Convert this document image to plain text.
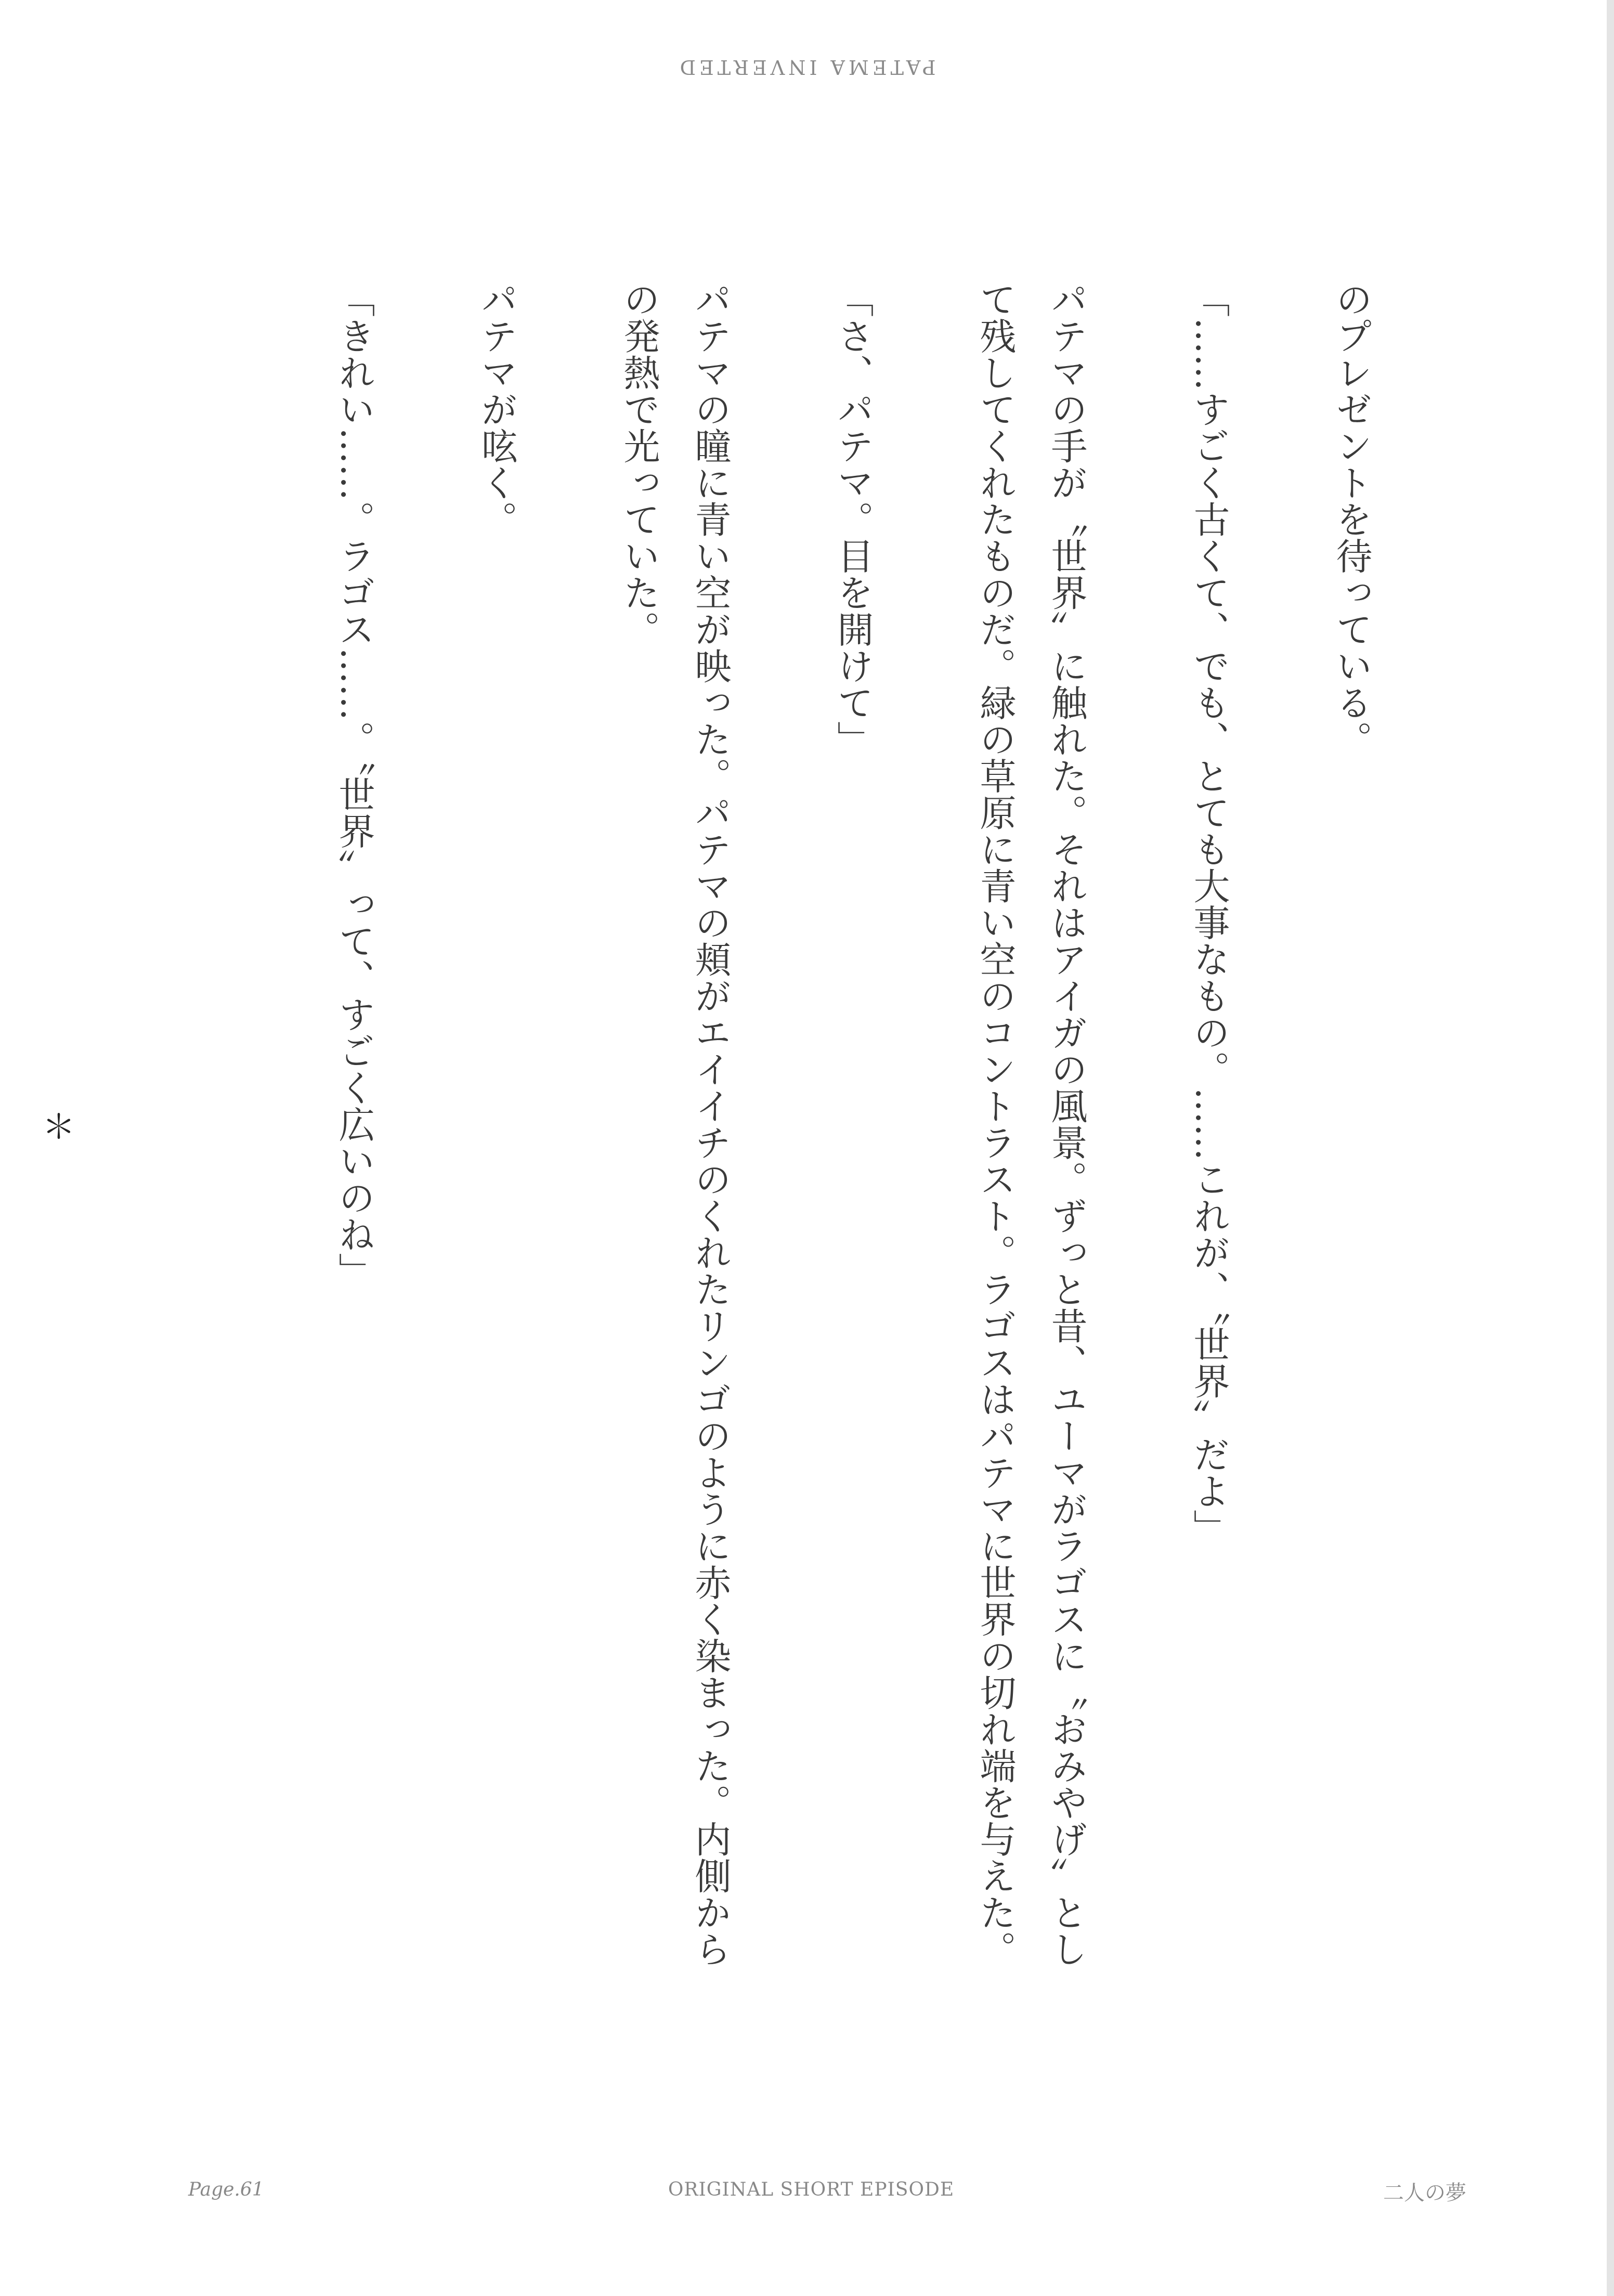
PATEMA INVERTED

のプレゼントを待っている。

「……すごく古くて、でも、とても大事なもの。……これが、〝世界〟だよ」

パテマの手が〝世界〟に触れた。それはアイガの風景。ずっと昔、ユーマがラゴスに〝おみやげ〟として残してくれたものだ。緑の草原に青い空のコントラスト。ラゴスはパテマに世界の切れ端を与えた。

「さ、パテマ。目を開けて」

パテマの瞳に青い空が映った。パテマの頬がエイイチのくれたリンゴのように赤く染まった。内側からの発熱で光っていた。

パテマが呟く。

「きれい……。ラゴス……。〝世界〟って、すごく広いのね」

＊

Page.61	ORIGINAL SHORT EPISODE	二人の夢
